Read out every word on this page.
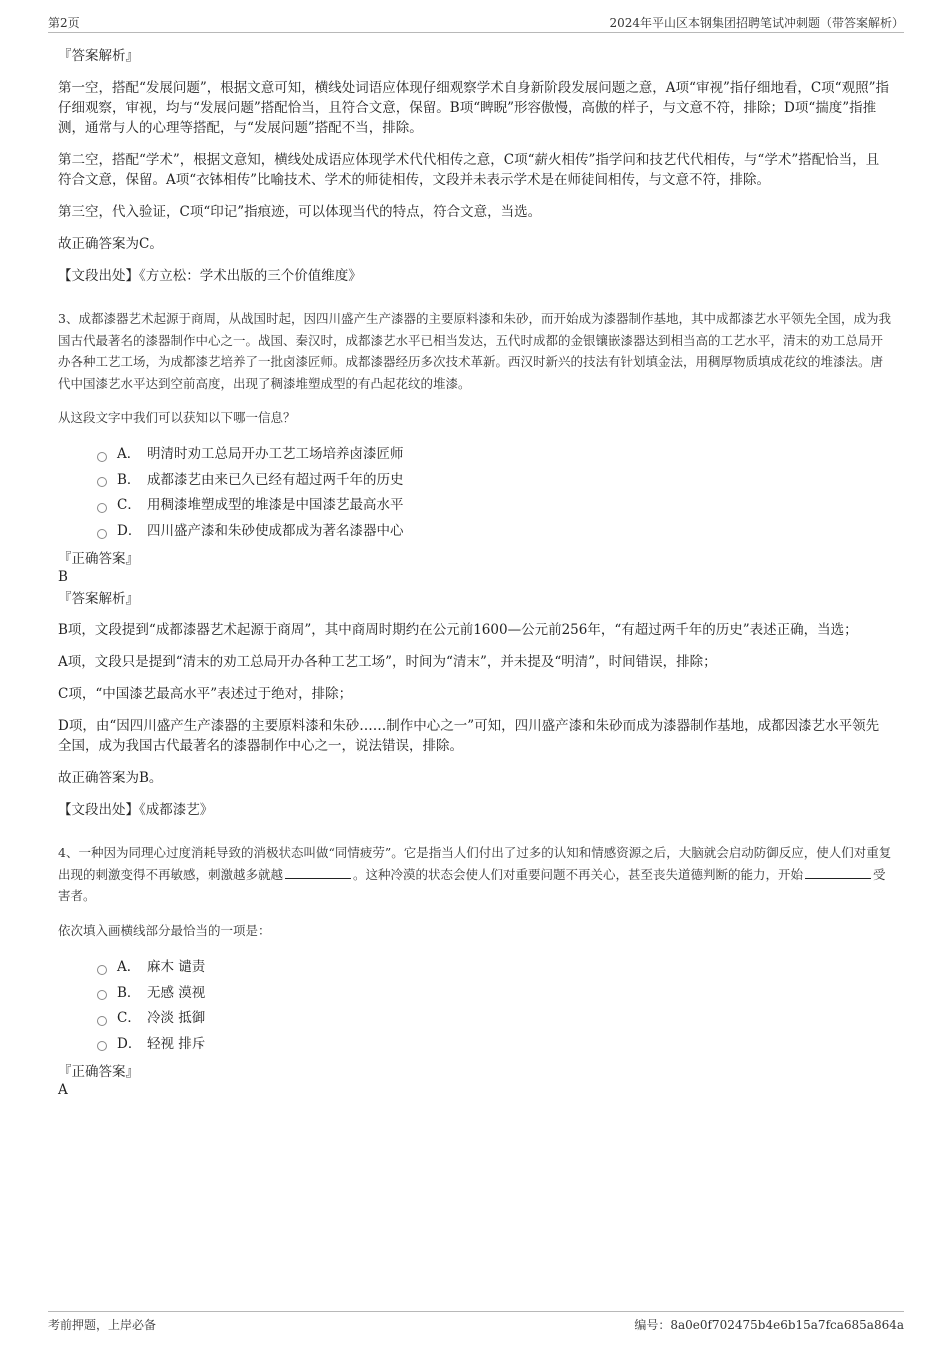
第2页	2024年平山区本钢集团招聘笔试冲刺题（带答案解析）

『答案解析』

第一空，搭配“发展问题”，根据文意可知，横线处词语应体现仔细观察学术自身新阶段发展问题之意，A项“审视”指仔细地看，C项“观照”指仔细观察，审视，均与“发展问题”搭配恰当，且符合文意，保留。B项“睥睨”形容傲慢，高傲的样子，与文意不符，排除；D项“揣度”指推测，通常与人的心理等搭配，与“发展问题”搭配不当，排除。

第二空，搭配“学术”，根据文意知，横线处成语应体现学术代代相传之意，C项“薪火相传”指学问和技艺代代相传，与“学术”搭配恰当，且符合文意，保留。A项“衣钵相传”比喻技术、学术的师徒相传，文段并未表示学术是在师徒间相传，与文意不符，排除。

第三空，代入验证，C项“印记”指痕迹，可以体现当代的特点，符合文意，当选。

故正确答案为C。

【文段出处】《方立松：学术出版的三个价值维度》

3、成都漆器艺术起源于商周，从战国时起，因四川盛产生产漆器的主要原料漆和朱砂，而开始成为漆器制作基地，其中成都漆艺水平领先全国，成为我国古代最著名的漆器制作中心之一。战国、秦汉时，成都漆艺水平已相当发达，五代时成都的金银镶嵌漆器达到相当高的工艺水平，清末的劝工总局开办各种工艺工场，为成都漆艺培养了一批卤漆匠师。成都漆器经历多次技术革新。西汉时新兴的技法有针划填金法，用稠厚物质填成花纹的堆漆法。唐代中国漆艺水平达到空前高度，出现了稠漆堆塑成型的有凸起花纹的堆漆。

从这段文字中我们可以获知以下哪一信息？

A． 明清时劝工总局开办工艺工场培养卤漆匠师
B． 成都漆艺由来已久已经有超过两千年的历史
C． 用稠漆堆塑成型的堆漆是中国漆艺最高水平
D． 四川盛产漆和朱砂使成都成为著名漆器中心

『正确答案』

B

『答案解析』

B项，文段提到“成都漆器艺术起源于商周”，其中商周时期约在公元前1600—公元前256年，“有超过两千年的历史”表述正确，当选；

A项，文段只是提到“清末的劝工总局开办各种工艺工场”，时间为“清末”，并未提及“明清”，时间错误，排除；

C项，“中国漆艺最高水平”表述过于绝对，排除；

D项，由“因四川盛产生产漆器的主要原料漆和朱砂……制作中心之一”可知，四川盛产漆和朱砂而成为漆器制作基地，成都因漆艺水平领先全国，成为我国古代最著名的漆器制作中心之一，说法错误，排除。

故正确答案为B。

【文段出处】《成都漆艺》

4、一种因为同理心过度消耗导致的消极状态叫做“同情疲劳”。它是指当人们付出了过多的认知和情感资源之后，大脑就会启动防御反应，使人们对重复出现的刺激变得不再敏感，刺激越多就越	。这种冷漠的状态会使人们对重要问题不再关心，甚至丧失道德判断的能力，开始	受害者。

依次填入画横线部分最恰当的一项是：

A． 麻木 谴责
B． 无感 漠视
C． 冷淡 抵御
D． 轻视 排斥

『正确答案』

A

考前押题，上岸必备	编号：8a0e0f702475b4e6b15a7fca685a864a
